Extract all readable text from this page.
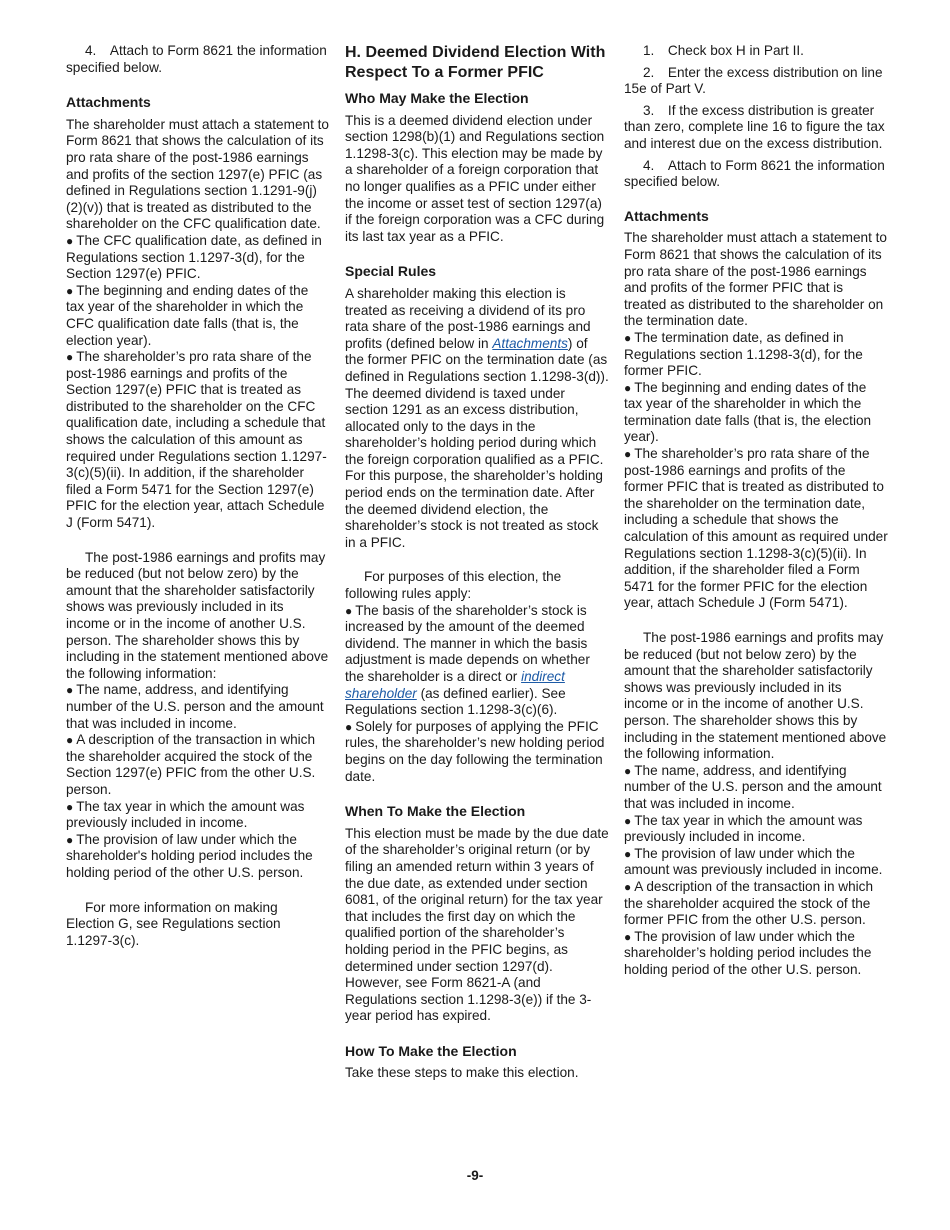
4. Attach to Form 8621 the information specified below.

Attachments

The shareholder must attach a statement to Form 8621 that shows the calculation of its pro rata share of the post-1986 earnings and profits of the section 1297(e) PFIC (as defined in Regulations section 1.1291-9(j)(2)(v)) that is treated as distributed to the shareholder on the CFC qualification date.

● The CFC qualification date, as defined in Regulations section 1.1297-3(d), for the Section 1297(e) PFIC.

● The beginning and ending dates of the tax year of the shareholder in which the CFC qualification date falls (that is, the election year).

● The shareholder’s pro rata share of the post-1986 earnings and profits of the Section 1297(e) PFIC that is treated as distributed to the shareholder on the CFC qualification date, including a schedule that shows the calculation of this amount as required under Regulations section 1.1297-3(c)(5)(ii). In addition, if the shareholder filed a Form 5471 for the Section 1297(e) PFIC for the election year, attach Schedule J (Form 5471).

The post-1986 earnings and profits may be reduced (but not below zero) by the amount that the shareholder satisfactorily shows was previously included in its income or in the income of another U.S. person. The shareholder shows this by including in the statement mentioned above the following information:

● The name, address, and identifying number of the U.S. person and the amount that was included in income.

● A description of the transaction in which the shareholder acquired the stock of the Section 1297(e) PFIC from the other U.S. person.

● The tax year in which the amount was previously included in income.

● The provision of law under which the shareholder's holding period includes the holding period of the other U.S. person.

For more information on making Election G, see Regulations section 1.1297-3(c).

H. Deemed Dividend Election With Respect To a Former PFIC

Who May Make the Election

This is a deemed dividend election under section 1298(b)(1) and Regulations section 1.1298-3(c). This election may be made by a shareholder of a foreign corporation that no longer qualifies as a PFIC under either the income or asset test of section 1297(a) if the foreign corporation was a CFC during its last tax year as a PFIC.

Special Rules

A shareholder making this election is treated as receiving a dividend of its pro rata share of the post-1986 earnings and profits (defined below in Attachments) of the former PFIC on the termination date (as defined in Regulations section 1.1298-3(d)). The deemed dividend is taxed under section 1291 as an excess distribution, allocated only to the days in the shareholder’s holding period during which the foreign corporation qualified as a PFIC. For this purpose, the shareholder’s holding period ends on the termination date. After the deemed dividend election, the shareholder’s stock is not treated as stock in a PFIC.

For purposes of this election, the following rules apply:

● The basis of the shareholder’s stock is increased by the amount of the deemed dividend. The manner in which the basis adjustment is made depends on whether the shareholder is a direct or indirect shareholder (as defined earlier). See Regulations section 1.1298-3(c)(6).

● Solely for purposes of applying the PFIC rules, the shareholder’s new holding period begins on the day following the termination date.

When To Make the Election

This election must be made by the due date of the shareholder’s original return (or by filing an amended return within 3 years of the due date, as extended under section 6081, of the original return) for the tax year that includes the first day on which the qualified portion of the shareholder’s holding period in the PFIC begins, as determined under section 1297(d). However, see Form 8621-A (and Regulations section 1.1298-3(e)) if the 3-year period has expired.

How To Make the Election

Take these steps to make this election.

1. Check box H in Part II.

2. Enter the excess distribution on line 15e of Part V.

3. If the excess distribution is greater than zero, complete line 16 to figure the tax and interest due on the excess distribution.

4. Attach to Form 8621 the information specified below.

Attachments

The shareholder must attach a statement to Form 8621 that shows the calculation of its pro rata share of the post-1986 earnings and profits of the former PFIC that is treated as distributed to the shareholder on the termination date.

● The termination date, as defined in Regulations section 1.1298-3(d), for the former PFIC.

● The beginning and ending dates of the tax year of the shareholder in which the termination date falls (that is, the election year).

● The shareholder’s pro rata share of the post-1986 earnings and profits of the former PFIC that is treated as distributed to the shareholder on the termination date, including a schedule that shows the calculation of this amount as required under Regulations section 1.1298-3(c)(5)(ii). In addition, if the shareholder filed a Form 5471 for the former PFIC for the election year, attach Schedule J (Form 5471).

The post-1986 earnings and profits may be reduced (but not below zero) by the amount that the shareholder satisfactorily shows was previously included in its income or in the income of another U.S. person. The shareholder shows this by including in the statement mentioned above the following information.

● The name, address, and identifying number of the U.S. person and the amount that was included in income.

● The tax year in which the amount was previously included in income.

● The provision of law under which the amount was previously included in income.

● A description of the transaction in which the shareholder acquired the stock of the former PFIC from the other U.S. person.

● The provision of law under which the shareholder’s holding period includes the holding period of the other U.S. person.

-9-
